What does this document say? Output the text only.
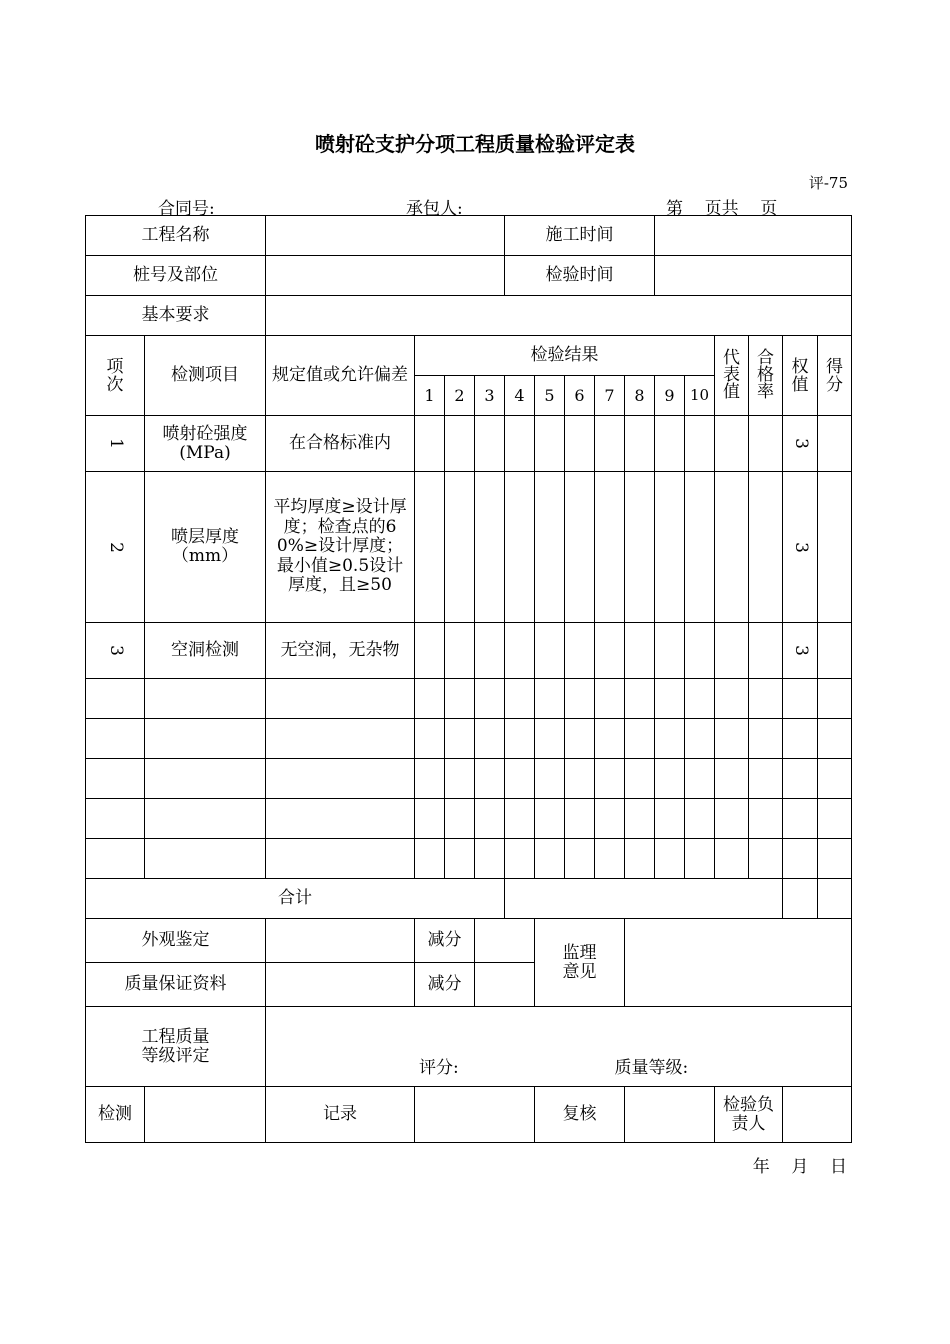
喷射砼支护分项工程质量检验评定表
评-75
合同号:	承包人:	第    页共    页
工程名称						施工时间										
桩号及部位						检验时间										
基本要求																

项次	检测项目	规定值或允许偏差	检验结果										代表值	合格率	权值	得分

			1	2	3	4	5	6	7	8	9	10				
1	喷射砼强度(MPa)	在合格标准内													3	
2	喷层厚度（mm）	平均厚度≥设计厚度；检查点的60%≥设计厚度；最小值≥0.5设计厚度，且≥50													3	
3	空洞检测	无空洞，无杂物													3	

合计																
外观鉴定			减分				监理意见									

质量保证资料			减分													

工程质量等级评定		评分: 质量等级:														
检测		记录					复核						检验负责人			

年    月    日
